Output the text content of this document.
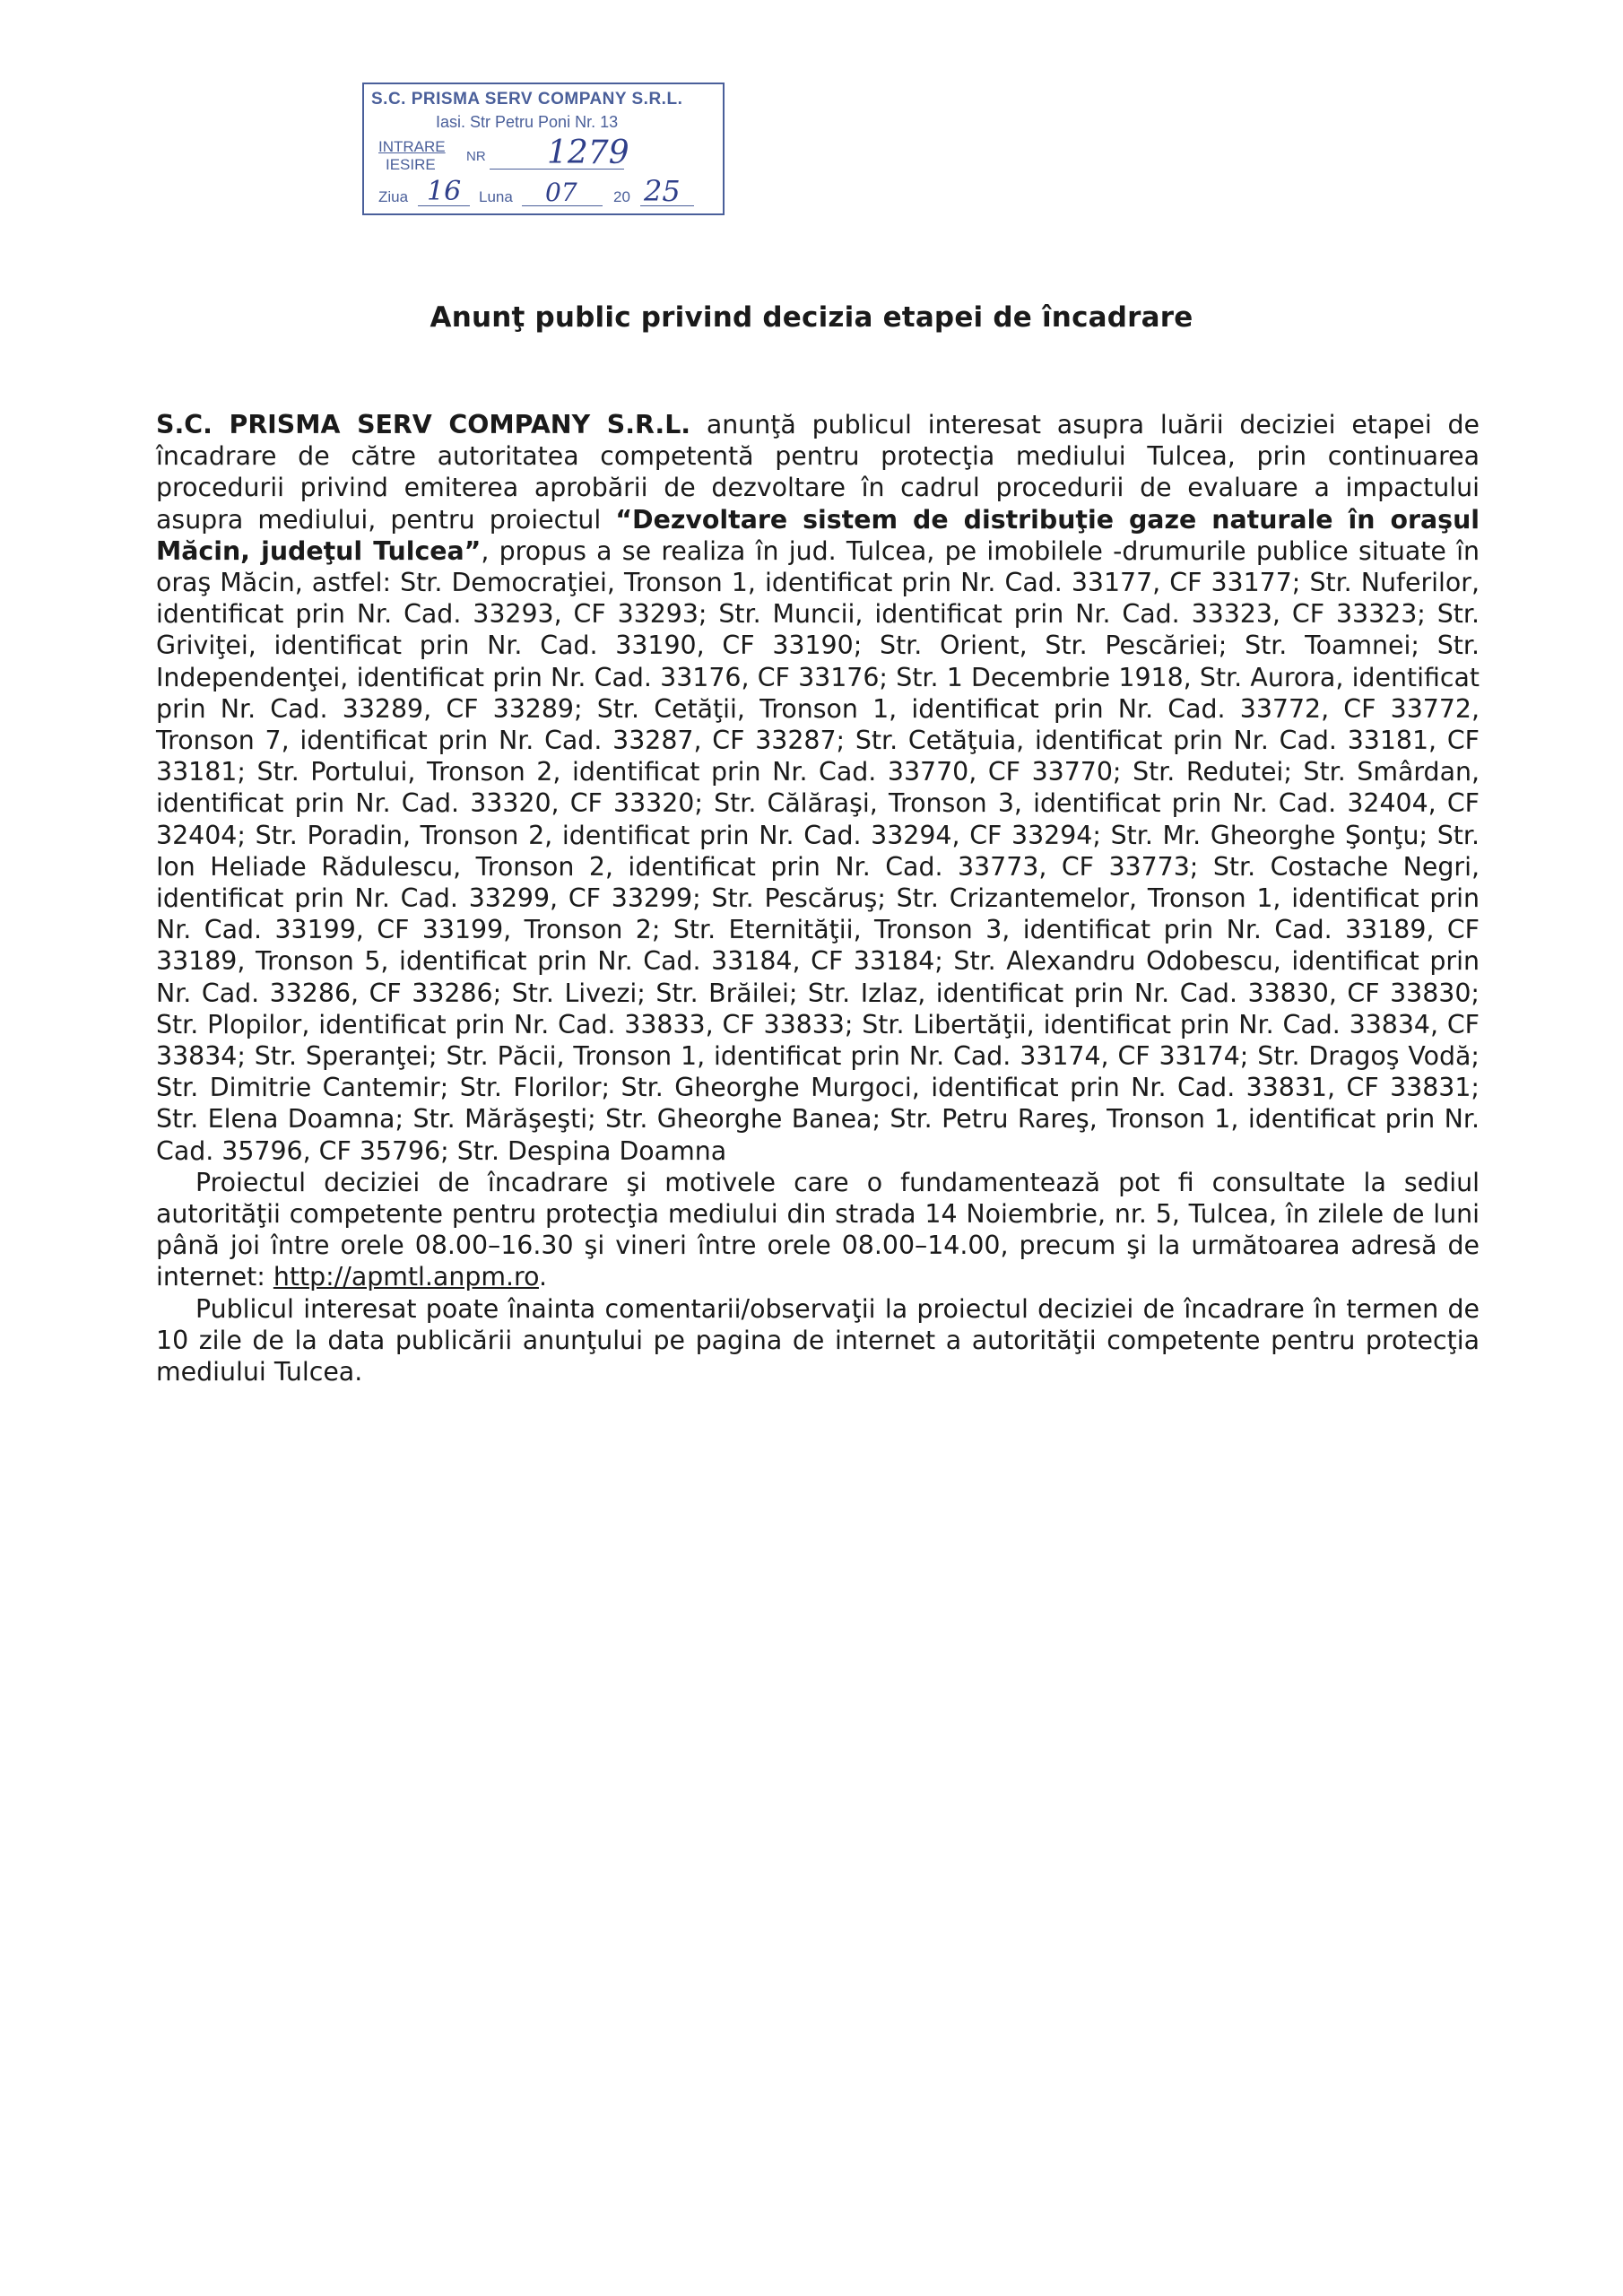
S.C. PRISMA SERV COMPANY S.R.L.
Iasi. Str Petru Poni Nr. 13
INTRARE
IESIRE NR 1279
Ziua 16 Luna 07 20 25
Anunţ public privind decizia etapei de încadrare

S.C. PRISMA SERV COMPANY S.R.L. anunţă publicul interesat asupra luării deciziei etapei de încadrare de către autoritatea competentă pentru protecţia mediului Tulcea, prin continuarea procedurii privind emiterea aprobării de dezvoltare în cadrul procedurii de evaluare a impactului asupra mediului, pentru proiectul “Dezvoltare sistem de distribuţie gaze naturale în oraşul Măcin, judeţul Tulcea”, propus a se realiza în jud. Tulcea, pe imobilele -drumurile publice situate în oraş Măcin, astfel: Str. Democraţiei, Tronson 1, identificat prin Nr. Cad. 33177, CF 33177; Str. Nuferilor, identificat prin Nr. Cad. 33293, CF 33293; Str. Muncii, identificat prin Nr. Cad. 33323, CF 33323; Str. Griviţei, identificat prin Nr. Cad. 33190, CF 33190; Str. Orient, Str. Pescăriei; Str. Toamnei; Str. Independenţei, identificat prin Nr. Cad. 33176, CF 33176; Str. 1 Decembrie 1918, Str. Aurora, identificat prin Nr. Cad. 33289, CF 33289; Str. Cetăţii, Tronson 1, identificat prin Nr. Cad. 33772, CF 33772, Tronson 7, identificat prin Nr. Cad. 33287, CF 33287; Str. Cetăţuia, identificat prin Nr. Cad. 33181, CF 33181; Str. Portului, Tronson 2, identificat prin Nr. Cad. 33770, CF 33770; Str. Redutei; Str. Smârdan, identificat prin Nr. Cad. 33320, CF 33320; Str. Călăraşi, Tronson 3, identificat prin Nr. Cad. 32404, CF 32404; Str. Poradin, Tronson 2, identificat prin Nr. Cad. 33294, CF 33294; Str. Mr. Gheorghe Şonţu; Str. Ion Heliade Rădulescu, Tronson 2, identificat prin Nr. Cad. 33773, CF 33773; Str. Costache Negri, identificat prin Nr. Cad. 33299, CF 33299; Str. Pescăruş; Str. Crizantemelor, Tronson 1, identificat prin Nr. Cad. 33199, CF 33199, Tronson 2; Str. Eternităţii, Tronson 3, identificat prin Nr. Cad. 33189, CF 33189, Tronson 5, identificat prin Nr. Cad. 33184, CF 33184; Str. Alexandru Odobescu, identificat prin Nr. Cad. 33286, CF 33286; Str. Livezi; Str. Brăilei; Str. Izlaz, identificat prin Nr. Cad. 33830, CF 33830; Str. Plopilor, identificat prin Nr. Cad. 33833, CF 33833; Str. Libertăţii, identificat prin Nr. Cad. 33834, CF 33834; Str. Speranţei; Str. Păcii, Tronson 1, identificat prin Nr. Cad. 33174, CF 33174; Str. Dragoş Vodă; Str. Dimitrie Cantemir; Str. Florilor; Str. Gheorghe Murgoci, identificat prin Nr. Cad. 33831, CF 33831; Str. Elena Doamna; Str. Mărăşeşti; Str. Gheorghe Banea; Str. Petru Rareş, Tronson 1, identificat prin Nr. Cad. 35796, CF 35796; Str. Despina Doamna

Proiectul deciziei de încadrare şi motivele care o fundamentează pot fi consultate la sediul autorităţii competente pentru protecţia mediului din strada 14 Noiembrie, nr. 5, Tulcea, în zilele de luni până joi între orele 08.00–16.30 şi vineri între orele 08.00–14.00, precum şi la următoarea adresă de internet: http://apmtl.anpm.ro.

Publicul interesat poate înainta comentarii/observaţii la proiectul deciziei de încadrare în termen de 10 zile de la data publicării anunţului pe pagina de internet a autorităţii competente pentru protecţia mediului Tulcea.
